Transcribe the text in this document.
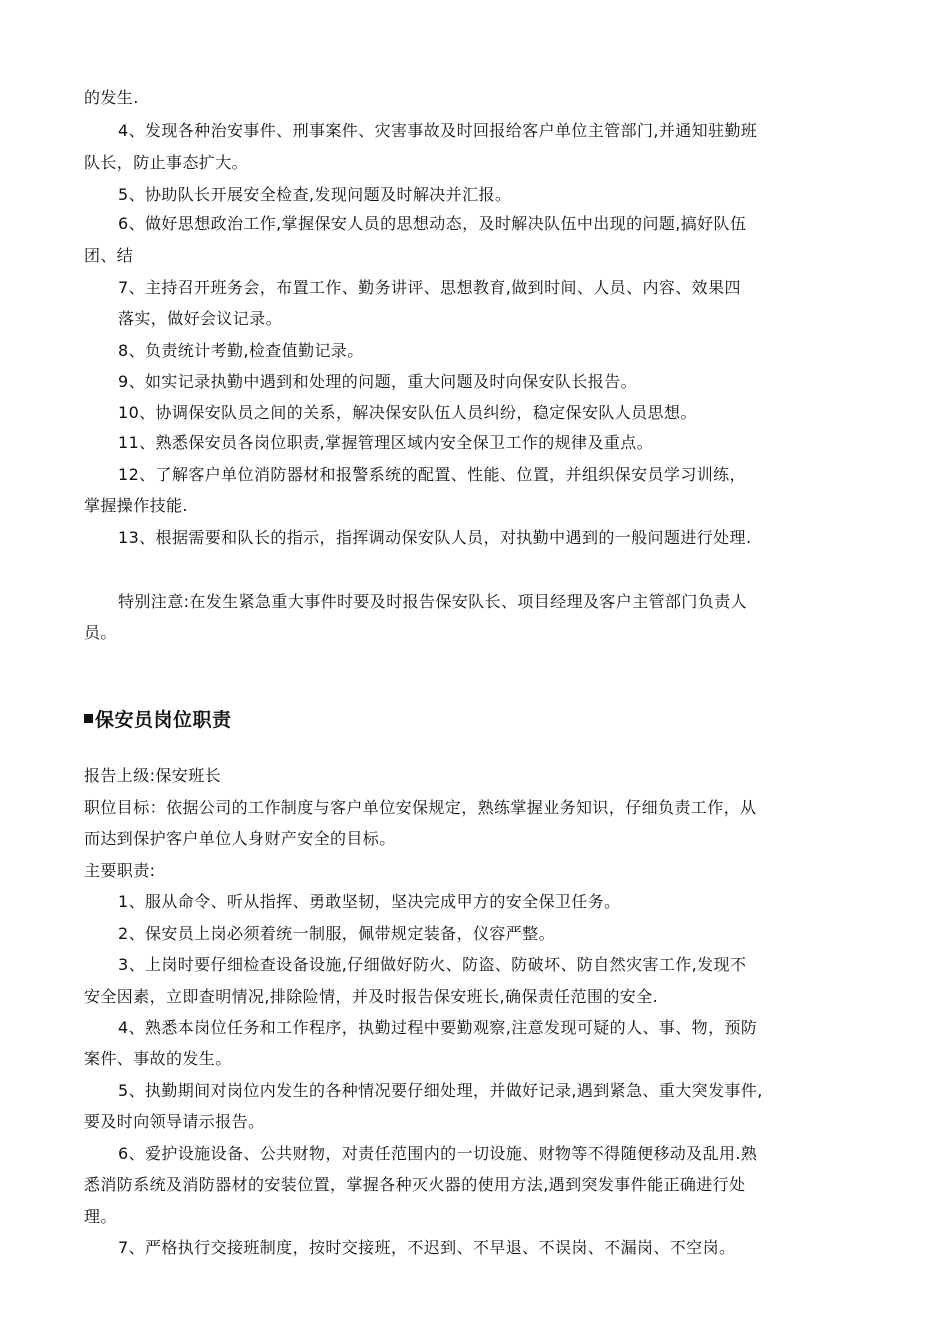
的发生.
4、发现各种治安事件、刑事案件、灾害事故及时回报给客户单位主管部门,并通知驻勤班
队长，防止事态扩大。
5、协助队长开展安全检查,发现问题及时解决并汇报。
6、做好思想政治工作,掌握保安人员的思想动态，及时解决队伍中出现的问题,搞好队伍
团、结
7、主持召开班务会，布置工作、勤务讲评、思想教育,做到时间、人员、内容、效果四
落实，做好会议记录。
8、负责统计考勤,检查值勤记录。
9、如实记录执勤中遇到和处理的问题，重大问题及时向保安队长报告。
10、协调保安队员之间的关系，解决保安队伍人员纠纷，稳定保安队人员思想。
11、熟悉保安员各岗位职责,掌握管理区域内安全保卫工作的规律及重点。
12、了解客户单位消防器材和报警系统的配置、性能、位置，并组织保安员学习训练，
掌握操作技能.
13、根据需要和队长的指示，指挥调动保安队人员，对执勤中遇到的一般问题进行处理.
特别注意:在发生紧急重大事件时要及时报告保安队长、项目经理及客户主管部门负责人
员。
保安员岗位职责
报告上级:保安班长
职位目标：依据公司的工作制度与客户单位安保规定，熟练掌握业务知识，仔细负责工作，从
而达到保护客户单位人身财产安全的目标。
主要职责:
1、服从命令、听从指挥、勇敢坚韧，坚决完成甲方的安全保卫任务。
2、保安员上岗必须着统一制服，佩带规定装备，仪容严整。
3、上岗时要仔细检查设备设施,仔细做好防火、防盗、防破坏、防自然灾害工作,发现不
安全因素，立即查明情况,排除险情，并及时报告保安班长,确保责任范围的安全.
4、熟悉本岗位任务和工作程序，执勤过程中要勤观察,注意发现可疑的人、事、物，预防
案件、事故的发生。
5、执勤期间对岗位内发生的各种情况要仔细处理，并做好记录,遇到紧急、重大突发事件,
要及时向领导请示报告。
6、爱护设施设备、公共财物，对责任范围内的一切设施、财物等不得随便移动及乱用.熟
悉消防系统及消防器材的安装位置，掌握各种灭火器的使用方法,遇到突发事件能正确进行处
理。
7、严格执行交接班制度，按时交接班，不迟到、不早退、不误岗、不漏岗、不空岗。
